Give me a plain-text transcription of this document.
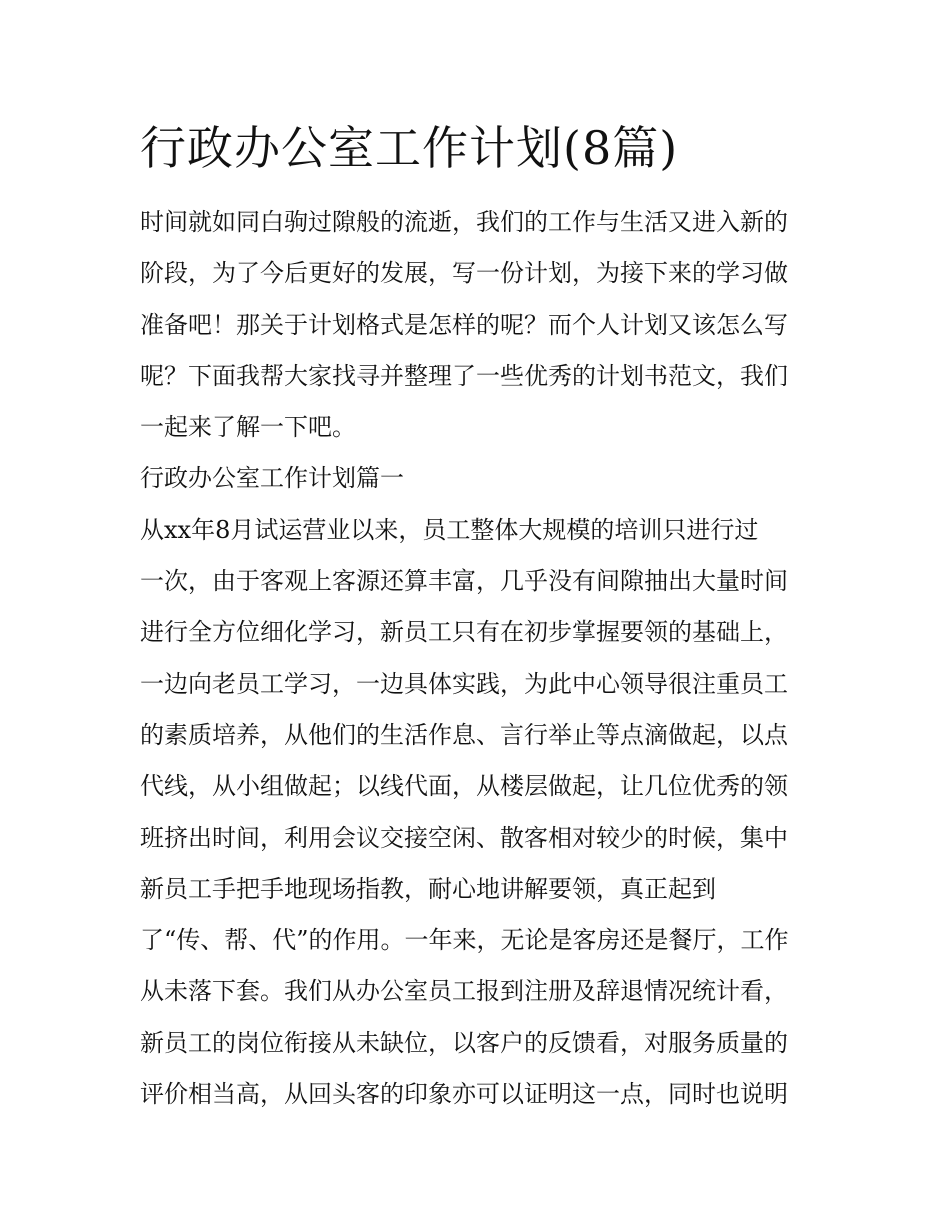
行政办公室工作计划(8篇)
时间就如同白驹过隙般的流逝，我们的工作与生活又进入新的
阶段，为了今后更好的发展，写一份计划，为接下来的学习做
准备吧！那关于计划格式是怎样的呢？而个人计划又该怎么写
呢？下面我帮大家找寻并整理了一些优秀的计划书范文，我们
一起来了解一下吧。
行政办公室工作计划篇一
从xx年8月试运营业以来，员工整体大规模的培训只进行过
一次，由于客观上客源还算丰富，几乎没有间隙抽出大量时间
进行全方位细化学习，新员工只有在初步掌握要领的基础上，
一边向老员工学习，一边具体实践，为此中心领导很注重员工
的素质培养，从他们的生活作息、言行举止等点滴做起，以点
代线，从小组做起；以线代面，从楼层做起，让几位优秀的领
班挤出时间，利用会议交接空闲、散客相对较少的时候，集中
新员工手把手地现场指教，耐心地讲解要领，真正起到
了“传、帮、代”的作用。一年来，无论是客房还是餐厅，工作
从未落下套。我们从办公室员工报到注册及辞退情况统计看，
新员工的岗位衔接从未缺位，以客户的反馈看，对服务质量的
评价相当高，从回头客的印象亦可以证明这一点，同时也说明
